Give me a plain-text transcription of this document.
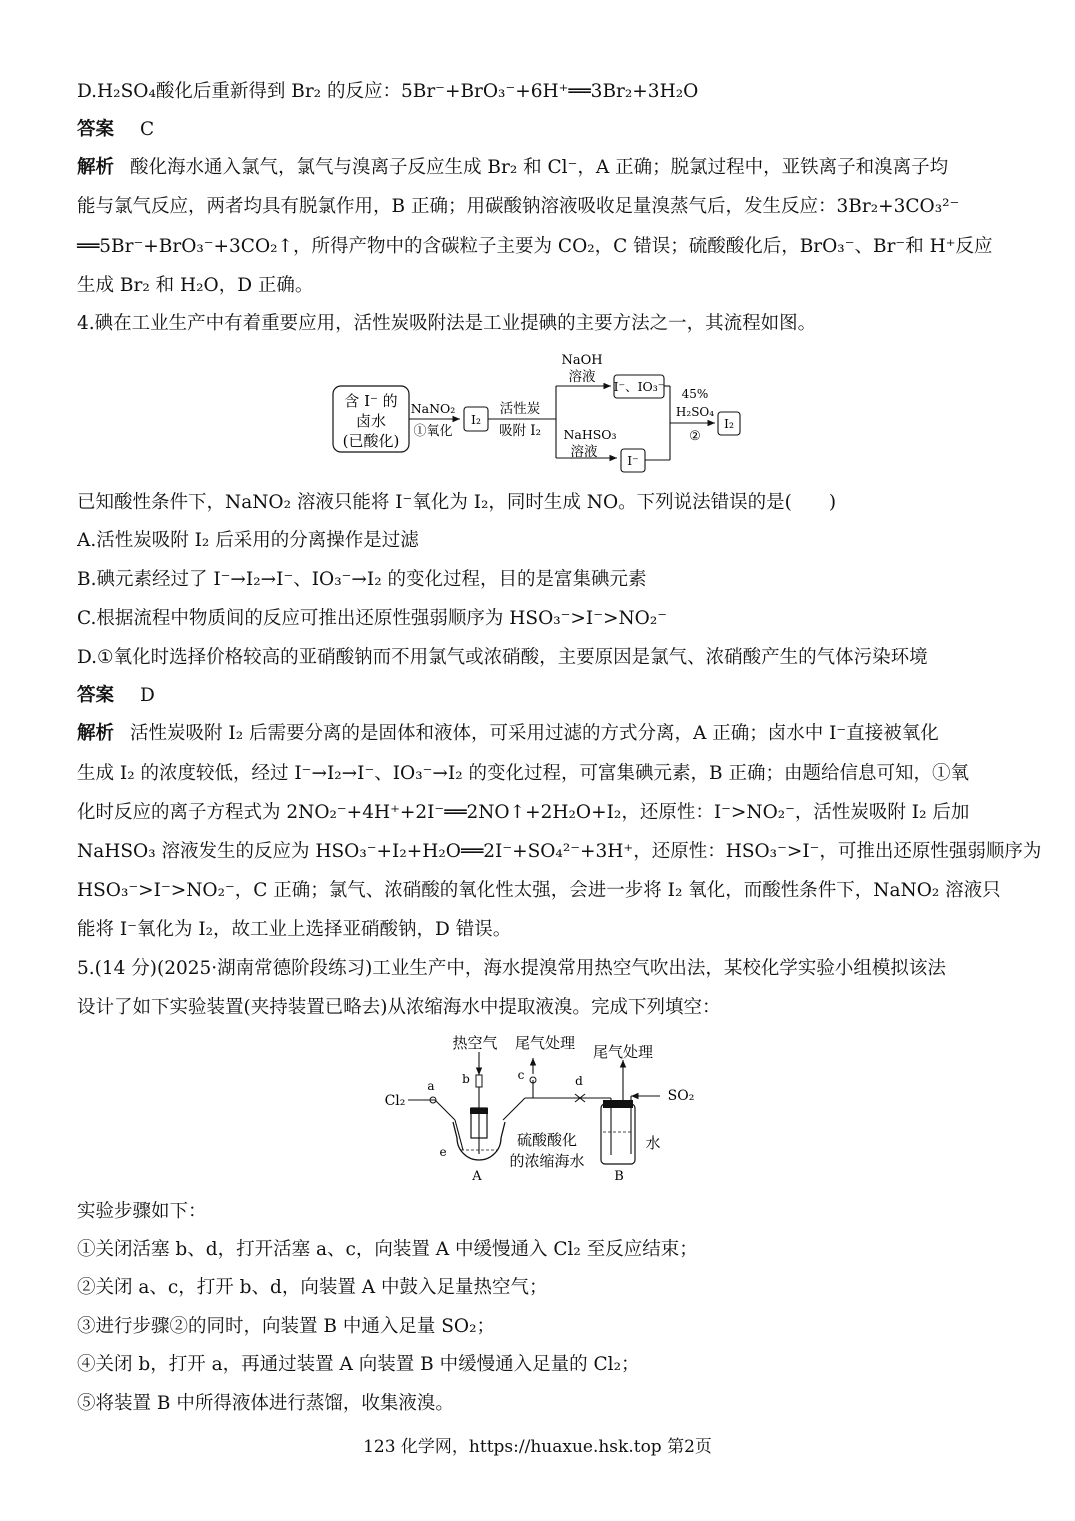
D.H₂SO₄酸化后重新得到 Br₂ 的反应：5Br⁻+BrO₃⁻+6H⁺══3Br₂+3H₂O
答案 C
解析 酸化海水通入氯气，氯气与溴离子反应生成 Br₂ 和 Cl⁻，A 正确；脱氯过程中，亚铁离子和溴离子均
能与氯气反应，两者均具有脱氯作用，B 正确；用碳酸钠溶液吸收足量溴蒸气后，发生反应：3Br₂+3CO₃²⁻
══5Br⁻+BrO₃⁻+3CO₂↑，所得产物中的含碳粒子主要为 CO₂，C 错误；硫酸酸化后，BrO₃⁻、Br⁻和 H⁺反应
生成 Br₂ 和 H₂O，D 正确。
4.碘在工业生产中有着重要应用，活性炭吸附法是工业提碘的主要方法之一，其流程如图。
含 I⁻ 的
卤水
(已酸化)
NaNO₂
①氧化
I₂
活性炭
吸附 I₂
NaOH
溶液
NaHSO₃
溶液
I⁻、IO₃⁻
I⁻
45%
H₂SO₄
②
I₂
已知酸性条件下，NaNO₂ 溶液只能将 I⁻氧化为 I₂，同时生成 NO。下列说法错误的是(　　)
A.活性炭吸附 I₂ 后采用的分离操作是过滤
B.碘元素经过了 I⁻→I₂→I⁻、IO₃⁻→I₂ 的变化过程，目的是富集碘元素
C.根据流程中物质间的反应可推出还原性强弱顺序为 HSO₃⁻>I⁻>NO₂⁻
D.①氧化时选择价格较高的亚硝酸钠而不用氯气或浓硝酸，主要原因是氯气、浓硝酸产生的气体污染环境
答案 D
解析 活性炭吸附 I₂ 后需要分离的是固体和液体，可采用过滤的方式分离，A 正确；卤水中 I⁻直接被氧化
生成 I₂ 的浓度较低，经过 I⁻→I₂→I⁻、IO₃⁻→I₂ 的变化过程，可富集碘元素，B 正确；由题给信息可知，①氧
化时反应的离子方程式为 2NO₂⁻+4H⁺+2I⁻══2NO↑+2H₂O+I₂，还原性：I⁻>NO₂⁻，活性炭吸附 I₂ 后加
NaHSO₃ 溶液发生的反应为 HSO₃⁻+I₂+H₂O══2I⁻+SO₄²⁻+3H⁺，还原性：HSO₃⁻>I⁻，可推出还原性强弱顺序为
HSO₃⁻>I⁻>NO₂⁻，C 正确；氯气、浓硝酸的氧化性太强，会进一步将 I₂ 氧化，而酸性条件下，NaNO₂ 溶液只
能将 I⁻氧化为 I₂，故工业上选择亚硝酸钠，D 错误。
5.(14 分)(2025·湖南常德阶段练习)工业生产中，海水提溴常用热空气吹出法，某校化学实验小组模拟该法
设计了如下实验装置(夹持装置已略去)从浓缩海水中提取液溴。完成下列填空：
热空气 尾气处理 尾气处理
Cl₂
a b	c	d
e
SO₂
硫酸酸化
的浓缩海水
水
A	B
实验步骤如下：
①关闭活塞 b、d，打开活塞 a、c，向装置 A 中缓慢通入 Cl₂ 至反应结束；
②关闭 a、c，打开 b、d，向装置 A 中鼓入足量热空气；
③进行步骤②的同时，向装置 B 中通入足量 SO₂；
④关闭 b，打开 a，再通过装置 A 向装置 B 中缓慢通入足量的 Cl₂；
⑤将装置 B 中所得液体进行蒸馏，收集液溴。
123 化学网，https://huaxue.hsk.top 第2页
